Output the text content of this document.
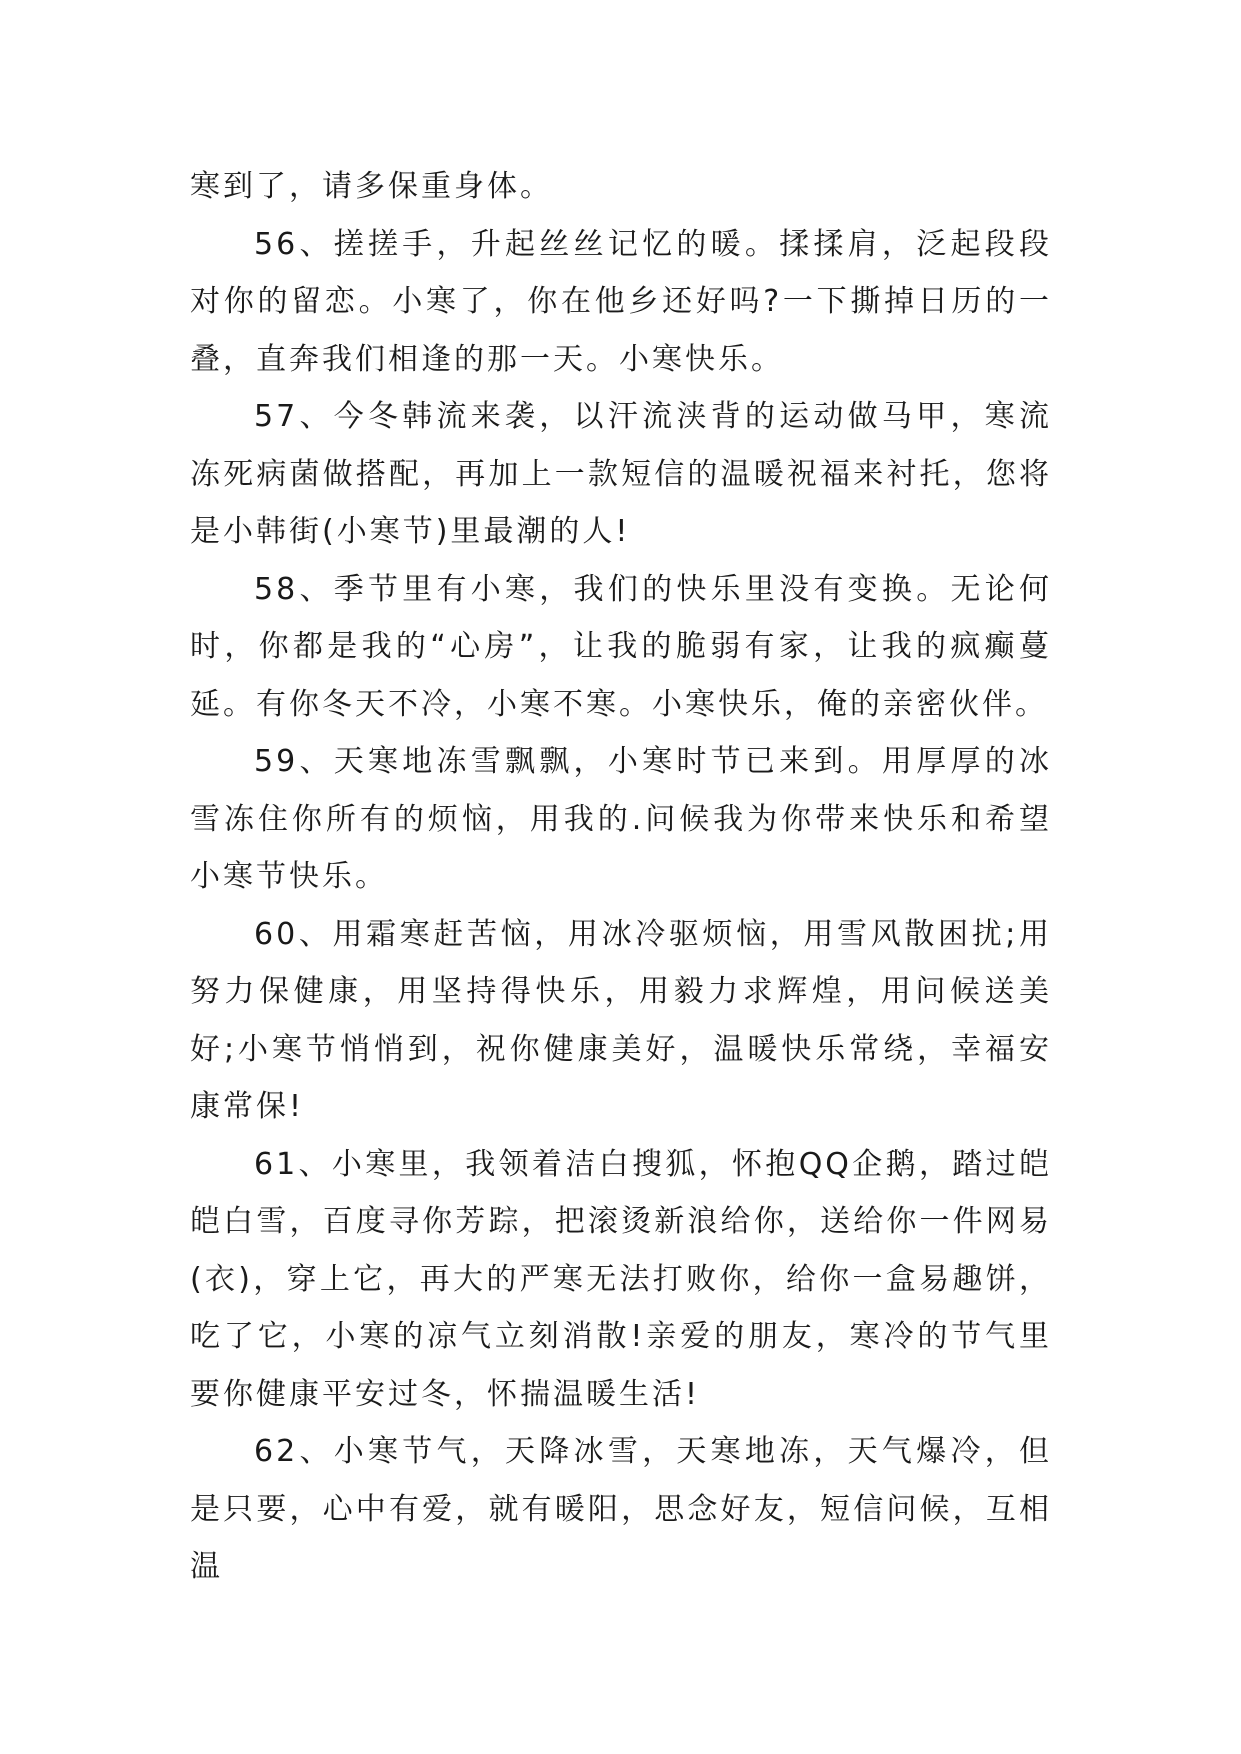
寒到了，请多保重身体。

56、搓搓手，升起丝丝记忆的暖。揉揉肩，泛起段段对你的留恋。小寒了，你在他乡还好吗?一下撕掉日历的一叠，直奔我们相逢的那一天。小寒快乐。

57、今冬韩流来袭，以汗流浃背的运动做马甲，寒流冻死病菌做搭配，再加上一款短信的温暖祝福来衬托，您将是小韩街(小寒节)里最潮的人!

58、季节里有小寒，我们的快乐里没有变换。无论何时，你都是我的“心房”，让我的脆弱有家，让我的疯癫蔓延。有你冬天不冷，小寒不寒。小寒快乐，俺的亲密伙伴。

59、天寒地冻雪飘飘，小寒时节已来到。用厚厚的冰雪冻住你所有的烦恼，用我的.问候我为你带来快乐和希望小寒节快乐。

60、用霜寒赶苦恼，用冰冷驱烦恼，用雪风散困扰;用努力保健康，用坚持得快乐，用毅力求辉煌，用问候送美好;小寒节悄悄到，祝你健康美好，温暖快乐常绕，幸福安康常保!

61、小寒里，我领着洁白搜狐，怀抱QQ企鹅，踏过皑皑白雪，百度寻你芳踪，把滚烫新浪给你，送给你一件网易(衣)，穿上它，再大的严寒无法打败你，给你一盒易趣饼，吃了它，小寒的凉气立刻消散!亲爱的朋友，寒冷的节气里要你健康平安过冬，怀揣温暖生活!

62、小寒节气，天降冰雪，天寒地冻，天气爆冷，但是只要，心中有爱，就有暖阳，思念好友，短信问候，互相温
